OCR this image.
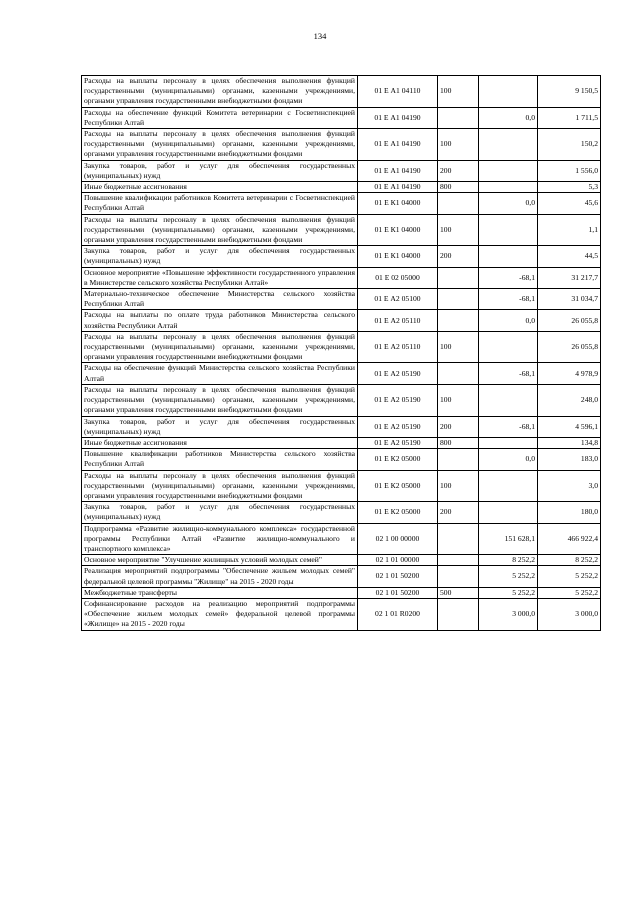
134
Расходы на выплаты персоналу в целях обеспечения выполнения функций государственными (муниципальными) органами, казенными учреждениями, органами управления государственными внебюджетными фондами	01 Е А1 04110	100		9 150,5
Расходы на обеспечение функций Комитета ветеринарии с Госветинспекцией Республики Алтай	01 Е А1 04190		0,0	1 711,5
Расходы на выплаты персоналу в целях обеспечения выполнения функций государственными (муниципальными) органами, казенными учреждениями, органами управления государственными внебюджетными фондами	01 Е А1 04190	100		150,2
Закупка товаров, работ и услуг для обеспечения государственных (муниципальных) нужд	01 Е А1 04190	200		1 556,0
Иные бюджетные ассигнования	01 Е А1 04190	800		5,3
Повышение квалификации работников Комитета ветеринарии с Госветинспекцией Республики Алтай	01 Е К1 04000		0,0	45,6
Расходы на выплаты персоналу в целях обеспечения выполнения функций государственными (муниципальными) органами, казенными учреждениями, органами управления государственными внебюджетными фондами	01 Е К1 04000	100		1,1
Закупка товаров, работ и услуг для обеспечения государственных (муниципальных) нужд	01 Е К1 04000	200		44,5
Основное мероприятие «Повышение эффективности государственного управления в Министерстве сельского хозяйства Республики Алтай»	01 Е 02 05000		-68,1	31 217,7
Материально-техническое обеспечение Министерства сельского хозяйства Республики Алтай	01 Е А2 05100		-68,1	31 034,7
Расходы на выплаты по оплате труда работников Министерства сельского хозяйства Республики Алтай	01 Е А2 05110		0,0	26 055,8
Расходы на выплаты персоналу в целях обеспечения выполнения функций государственными (муниципальными) органами, казенными учреждениями, органами управления государственными внебюджетными фондами	01 Е А2 05110	100		26 055,8
Расходы на обеспечение функций Министерства сельского хозяйства Республики Алтай	01 Е А2 05190		-68,1	4 978,9
Расходы на выплаты персоналу в целях обеспечения выполнения функций государственными (муниципальными) органами, казенными учреждениями, органами управления государственными внебюджетными фондами	01 Е А2 05190	100		248,0
Закупка товаров, работ и услуг для обеспечения государственных (муниципальных) нужд	01 Е А2 05190	200	-68,1	4 596,1
Иные бюджетные ассигнования	01 Е А2 05190	800		134,8
Повышение квалификации работников Министерства сельского хозяйства Республики Алтай	01 Е К2 05000		0,0	183,0
Расходы на выплаты персоналу в целях обеспечения выполнения функций государственными (муниципальными) органами, казенными учреждениями, органами управления государственными внебюджетными фондами	01 Е К2 05000	100		3,0
Закупка товаров, работ и услуг для обеспечения государственных (муниципальных) нужд	01 Е К2 05000	200		180,0
Подпрограмма «Развитие жилищно-коммунального комплекса» государственной программы Республики Алтай «Развитие жилищно-коммунального и транспортного комплекса»	02 1 00 00000		151 628,1	466 922,4
Основное мероприятие "Улучшение жилищных условий молодых семей"	02 1 01 00000		8 252,2	8 252,2
Реализация мероприятий подпрограммы "Обеспечение жильем молодых семей" федеральной целевой программы "Жилище" на 2015 - 2020 годы	02 1 01 50200		5 252,2	5 252,2
Межбюджетные трансферты	02 1 01 50200	500	5 252,2	5 252,2
Софинансирование расходов на реализацию мероприятий подпрограммы «Обеспечение жильем молодых семей» федеральной целевой программы «Жилище» на 2015 - 2020 годы	02 1 01 R0200		3 000,0	3 000,0
